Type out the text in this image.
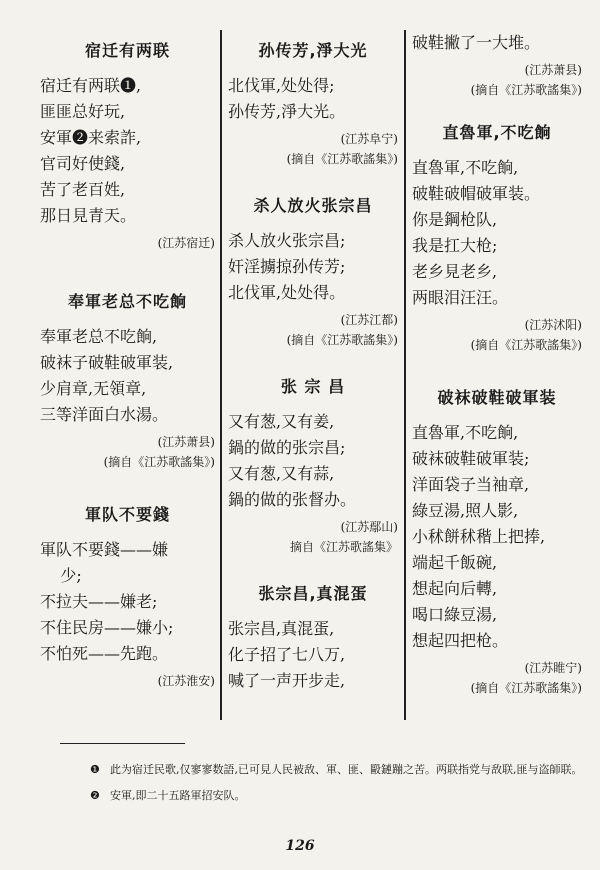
宿迁有两联
宿迁有两联❶,
匪匪总好玩,
安軍❷来索詐,
官司好使錢,
苦了老百姓,
那日見青天。
(江苏宿迁)
奉軍老总不吃餉
奉軍老总不吃餉,
破袜子破鞋破軍装,
少肩章,无領章,
三等洋面白水湯。
(江苏萧县)
(摘自《江苏歌謠集》)
軍队不要錢
軍队不要錢——嫌
少;
不拉夫——嫌老;
不住民房——嫌小;
不怕死——先跑。
(江苏淮安)
孙传芳,淨大光
北伐軍,处处得;
孙传芳,淨大光。
(江苏阜宁)
(摘自《江苏歌謠集》)
杀人放火张宗昌
杀人放火张宗昌;
奸淫擄掠孙传芳;
北伐軍,处处得。
(江苏江都)
(摘自《江苏歌謠集》)
张 宗 昌
又有葱,又有姜,
鍋的做的张宗昌;
又有葱,又有蒜,
鍋的做的张督办。
(江苏鄢山)
摘自《江苏歌謠集》
张宗昌,真混蛋
张宗昌,真混蛋,
化子招了七八万,
喊了一声开步走,
破鞋撇了一大堆。
(江苏萧县)
(摘自《江苏歌謠集》)
直魯軍,不吃餉
直魯軍,不吃餉,
破鞋破帽破軍装。
你是鋼枪队,
我是扛大枪;
老乡見老乡,
两眼泪汪汪。
(江苏沭阳)
(摘自《江苏歌謠集》)
破袜破鞋破軍装
直魯軍,不吃餉,
破袜破鞋破軍装;
洋面袋子当袖章,
綠豆湯,照人影,
小秫餅秫稭上把捧,
端起千飯碗,
想起向后轉,
喝口綠豆湯,
想起四把枪。
(江苏睢宁)
(摘自《江苏歌謠集》)
❶ 此为宿迁民歌,仅寥寥数語,已可見人民被敌、軍、匪、毆鏈蹦之苦。两联指党与敌联,匪与盗師联。
❷ 安軍,即二十五路軍招安队。
126
